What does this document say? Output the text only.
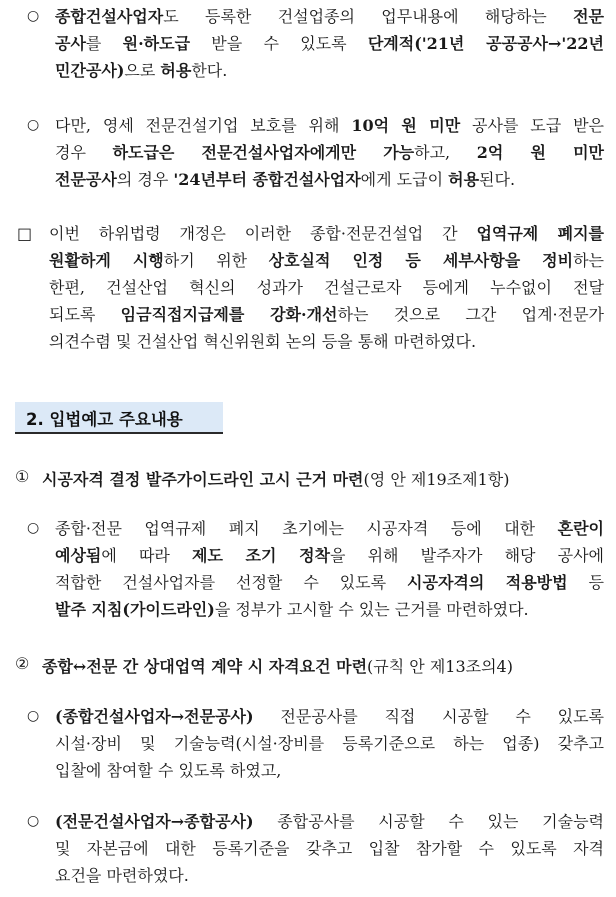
○ 종합건설사업자도 등록한 건설업종의 업무내용에 해당하는 전문
공사를 원·하도급 받을 수 있도록 단계적('21년 공공공사→'22년
민간공사)으로 허용한다.
○ 다만, 영세 전문건설기업 보호를 위해 10억 원 미만 공사를 도급 받은
경우 하도급은 전문건설사업자에게만 가능하고, 2억 원 미만
전문공사의 경우 '24년부터 종합건설사업자에게 도급이 허용된다.
□ 이번 하위법령 개정은 이러한 종합·전문건설업 간 업역규제 폐지를
원활하게 시행하기 위한 상호실적 인정 등 세부사항을 정비하는
한편, 건설산업 혁신의 성과가 건설근로자 등에게 누수없이 전달
되도록 임금직접지급제를 강화·개선하는 것으로 그간 업계·전문가
의견수렴 및 건설산업 혁신위원회 논의 등을 통해 마련하였다.
2. 입법예고 주요내용
① 시공자격 결정 발주가이드라인 고시 근거 마련(영 안 제19조제1항)
○ 종합·전문 업역규제 폐지 초기에는 시공자격 등에 대한 혼란이
예상됨에 따라 제도 조기 정착을 위해 발주자가 해당 공사에
적합한 건설사업자를 선정할 수 있도록 시공자격의 적용방법 등
발주 지침(가이드라인)을 정부가 고시할 수 있는 근거를 마련하였다.
② 종합↔전문 간 상대업역 계약 시 자격요건 마련(규칙 안 제13조의4)
○ (종합건설사업자→전문공사) 전문공사를 직접 시공할 수 있도록
시설·장비 및 기술능력(시설·장비를 등록기준으로 하는 업종) 갖추고
입찰에 참여할 수 있도록 하였고,
○ (전문건설사업자→종합공사) 종합공사를 시공할 수 있는 기술능력
및 자본금에 대한 등록기준을 갖추고 입찰 참가할 수 있도록 자격
요건을 마련하였다.
